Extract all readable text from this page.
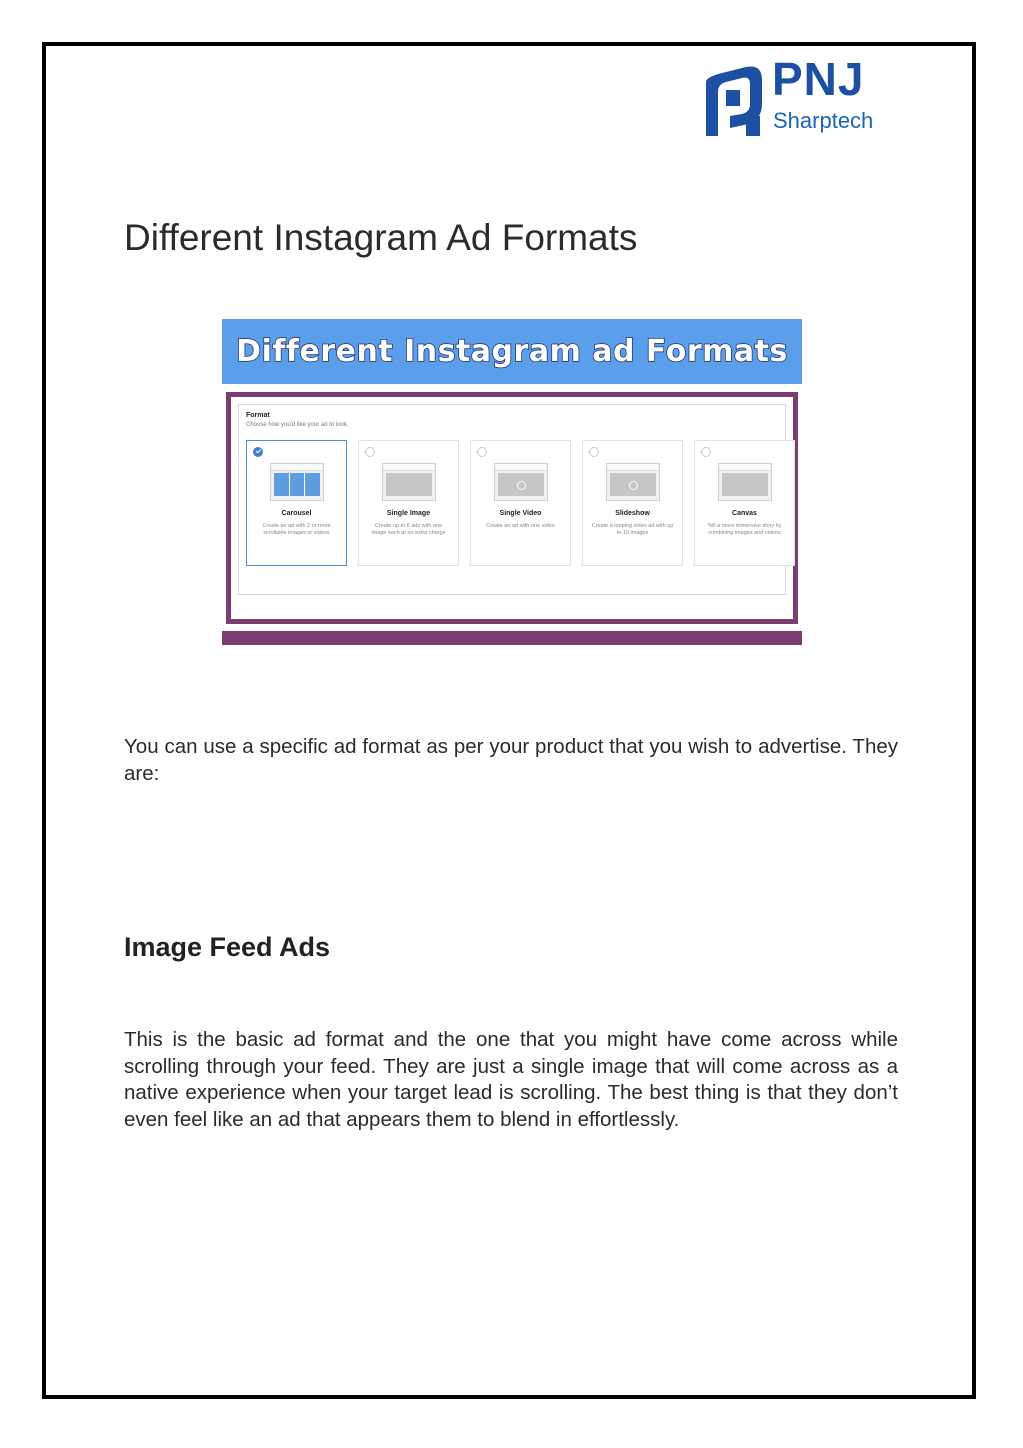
PNJ
Sharptech
Different Instagram Ad Formats
Different Instagram ad Formats
Format
Choose how you'd like your ad to look.
Carousel
Create an ad with 2 or more scrollable images or videos
Single Image
Create up to 6 ads with one image each at no extra charge
Single Video
Create an ad with one video
Slideshow
Create a looping video ad with up to 10 images
Canvas
Tell a more immersive story by combining images and videos

You can use a specific ad format as per your product that you wish to advertise. They are:

Image Feed Ads

This is the basic ad format and the one that you might have come across while scrolling through your feed. They are just a single image that will come across as a native experience when your target lead is scrolling. The best thing is that they don’t even feel like an ad that appears them to blend in effortlessly.
